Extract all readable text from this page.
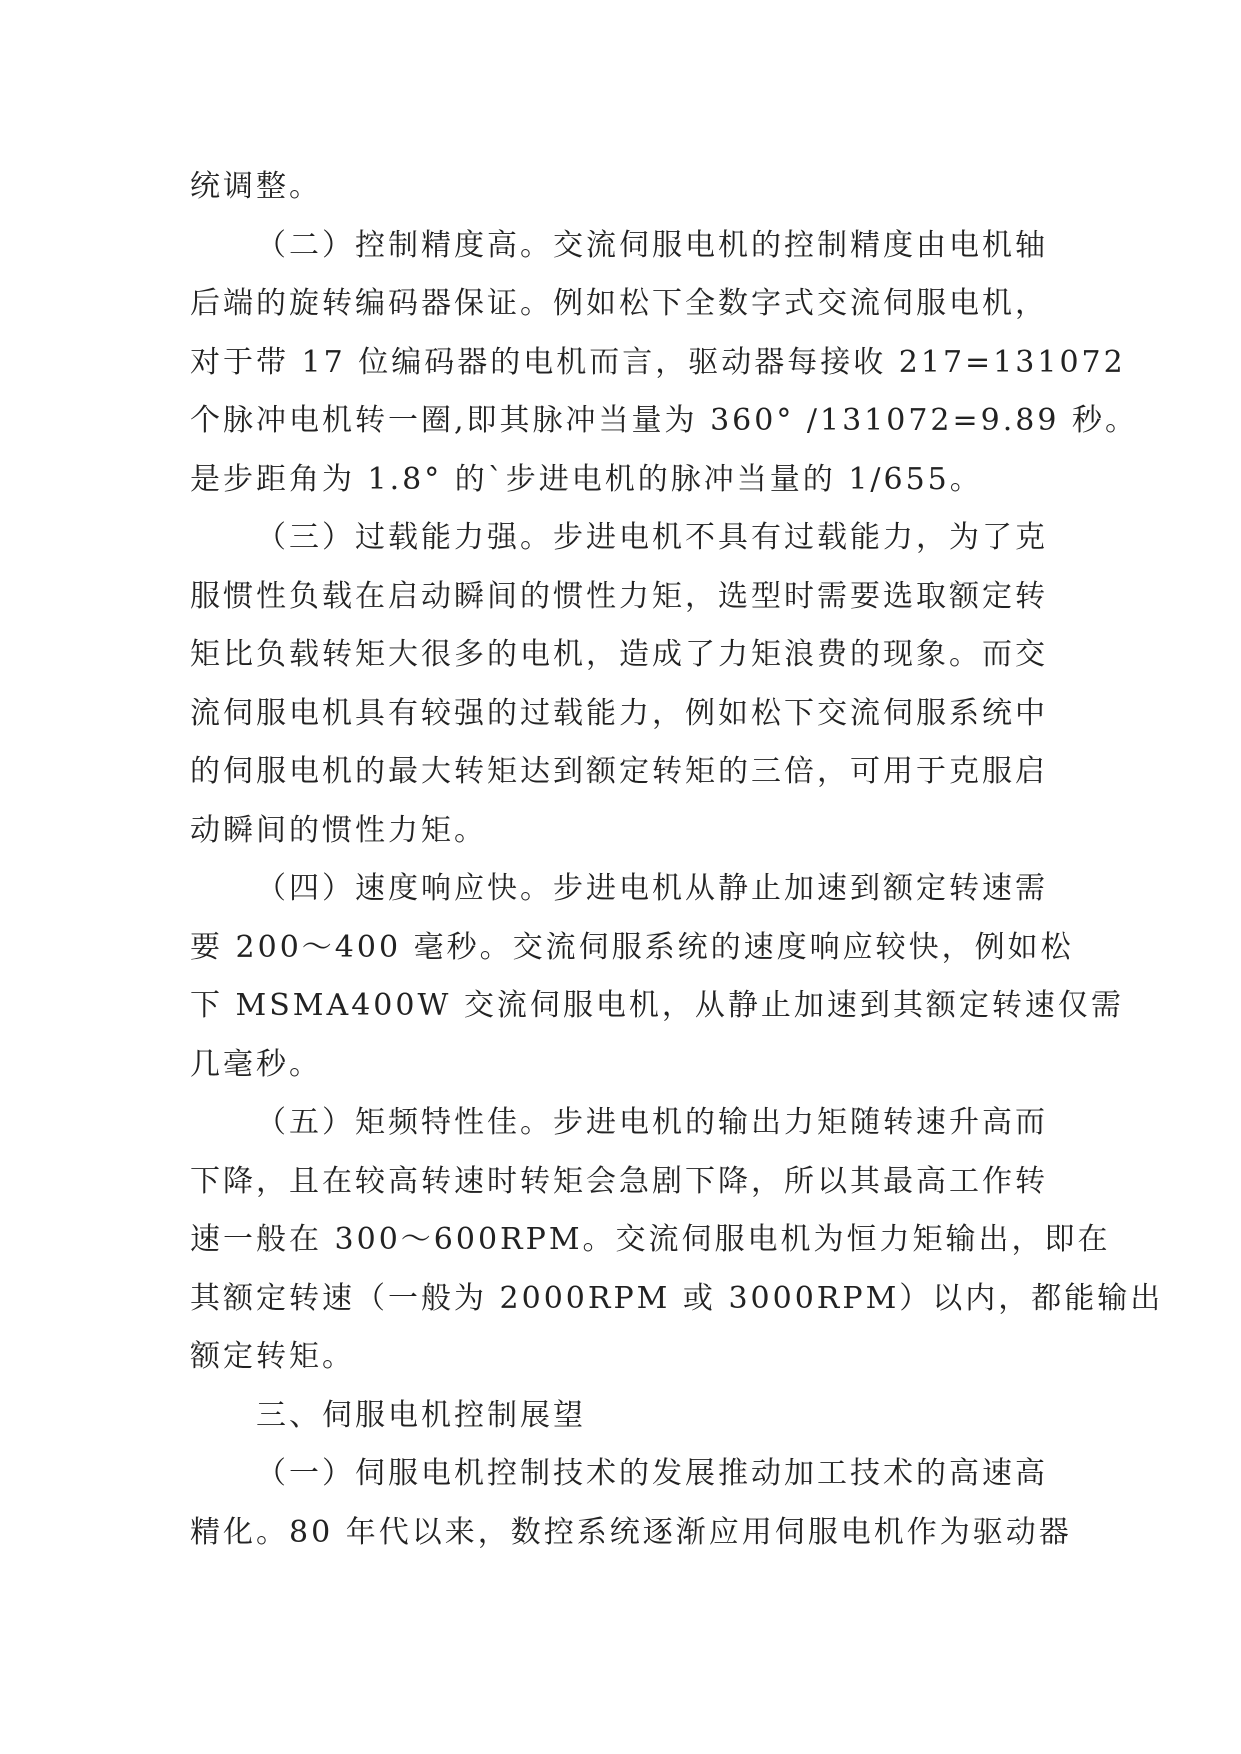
统调整。
（二）控制精度高。交流伺服电机的控制精度由电机轴
后端的旋转编码器保证。例如松下全数字式交流伺服电机，
对于带 17 位编码器的电机而言，驱动器每接收 217=131072
个脉冲电机转一圈,即其脉冲当量为 360° /131072=9.89 秒。
是步距角为 1.8° 的`步进电机的脉冲当量的 1/655。
（三）过载能力强。步进电机不具有过载能力，为了克
服惯性负载在启动瞬间的惯性力矩，选型时需要选取额定转
矩比负载转矩大很多的电机，造成了力矩浪费的现象。而交
流伺服电机具有较强的过载能力，例如松下交流伺服系统中
的伺服电机的最大转矩达到额定转矩的三倍，可用于克服启
动瞬间的惯性力矩。
（四）速度响应快。步进电机从静止加速到额定转速需
要 200～400 毫秒。交流伺服系统的速度响应较快，例如松
下 MSMA400W 交流伺服电机，从静止加速到其额定转速仅需
几毫秒。
（五）矩频特性佳。步进电机的输出力矩随转速升高而
下降，且在较高转速时转矩会急剧下降，所以其最高工作转
速一般在 300～600RPM。交流伺服电机为恒力矩输出，即在
其额定转速（一般为 2000RPM 或 3000RPM）以内，都能输出
额定转矩。
三、伺服电机控制展望
（一）伺服电机控制技术的发展推动加工技术的高速高
精化。80 年代以来，数控系统逐渐应用伺服电机作为驱动器
